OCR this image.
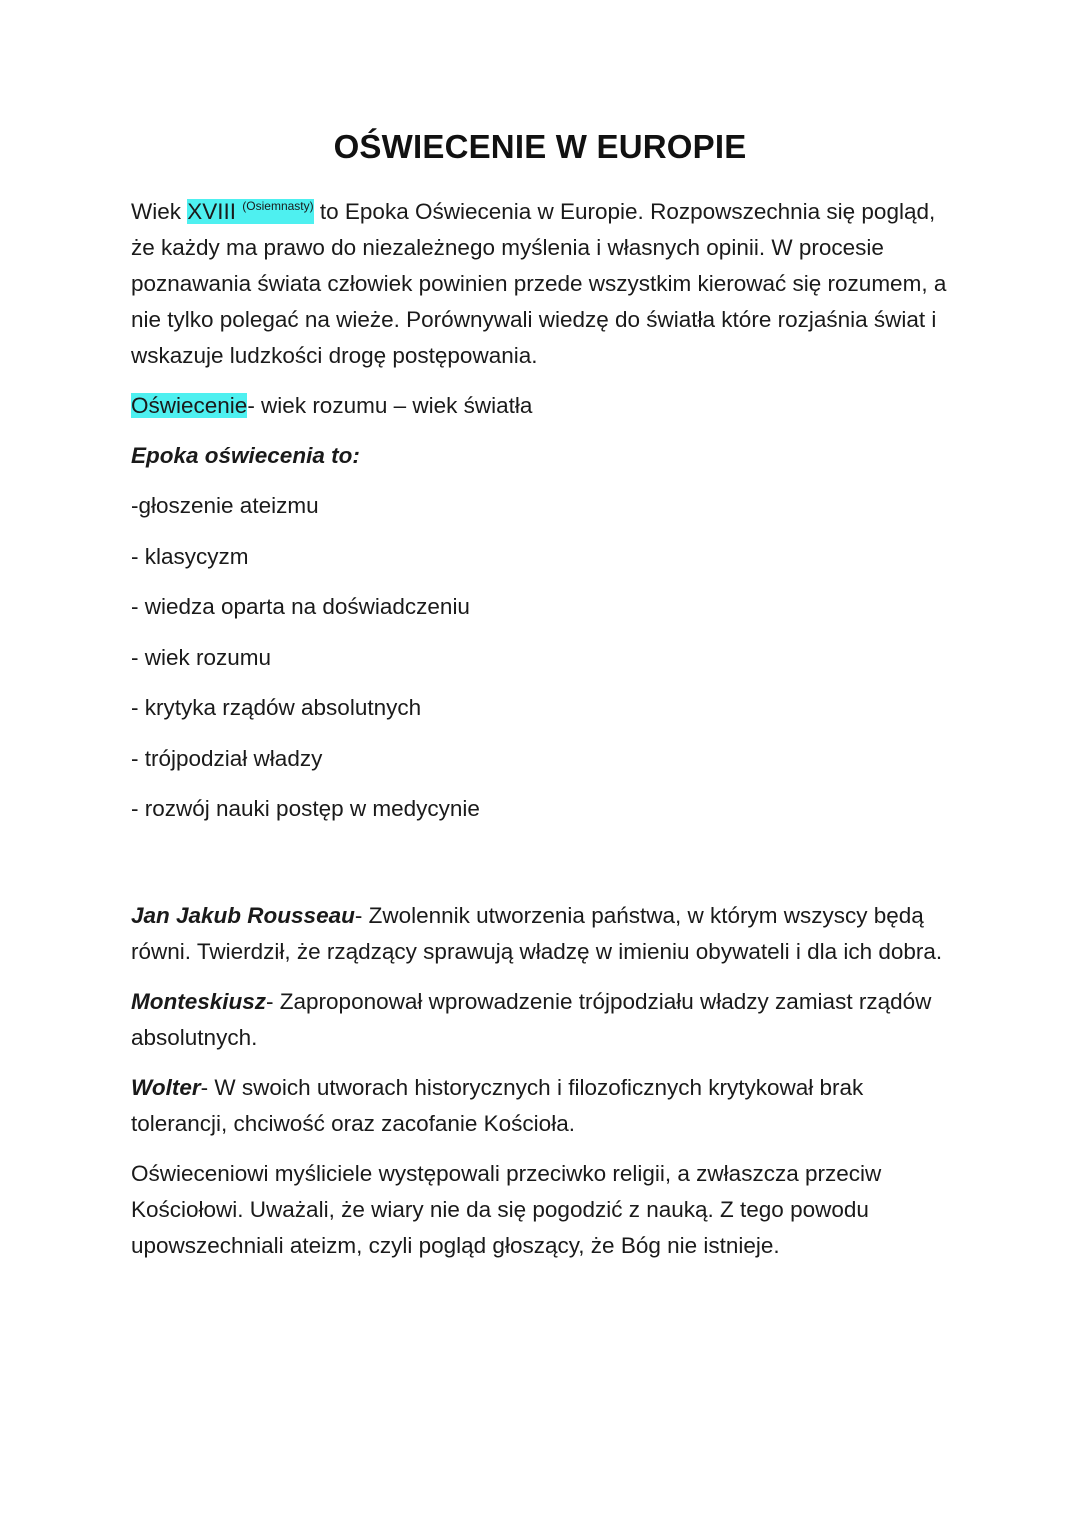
OŚWIECENIE W EUROPIE

Wiek XVIII $^{(Osiemnasty)}$ to Epoka Oświecenia w Europie. Rozpowszechnia się pogląd, że każdy ma prawo do niezależnego myślenia i własnych opinii. W procesie poznawania świata człowiek powinien przede wszystkim kierować się rozumem, a nie tylko polegać na wieże. Porównywali wiedzę do światła które rozjaśnia świat i wskazuje ludzkości drogę postępowania.

Oświecenie- wiek rozumu – wiek światła

Epoka oświecenia to:

-głoszenie ateizmu
- klasycyzm
- wiedza oparta na doświadczeniu
- wiek rozumu
- krytyka rządów absolutnych
- trójpodział władzy
- rozwój nauki postęp w medycynie

Jan Jakub Rousseau- Zwolennik utworzenia państwa, w którym wszyscy będą równi. Twierdził, że rządzący sprawują władzę w imieniu obywateli i dla ich dobra.

Monteskiusz- Zaproponował wprowadzenie trójpodziału władzy zamiast rządów absolutnych.

Wolter- W swoich utworach historycznych i filozoficznych krytykował brak tolerancji, chciwość oraz zacofanie Kościoła.

Oświeceniowi myśliciele występowali przeciwko religii, a zwłaszcza przeciw Kościołowi. Uważali, że wiary nie da się pogodzić z nauką. Z tego powodu upowszechniali ateizm, czyli pogląd głoszący, że Bóg nie istnieje.
